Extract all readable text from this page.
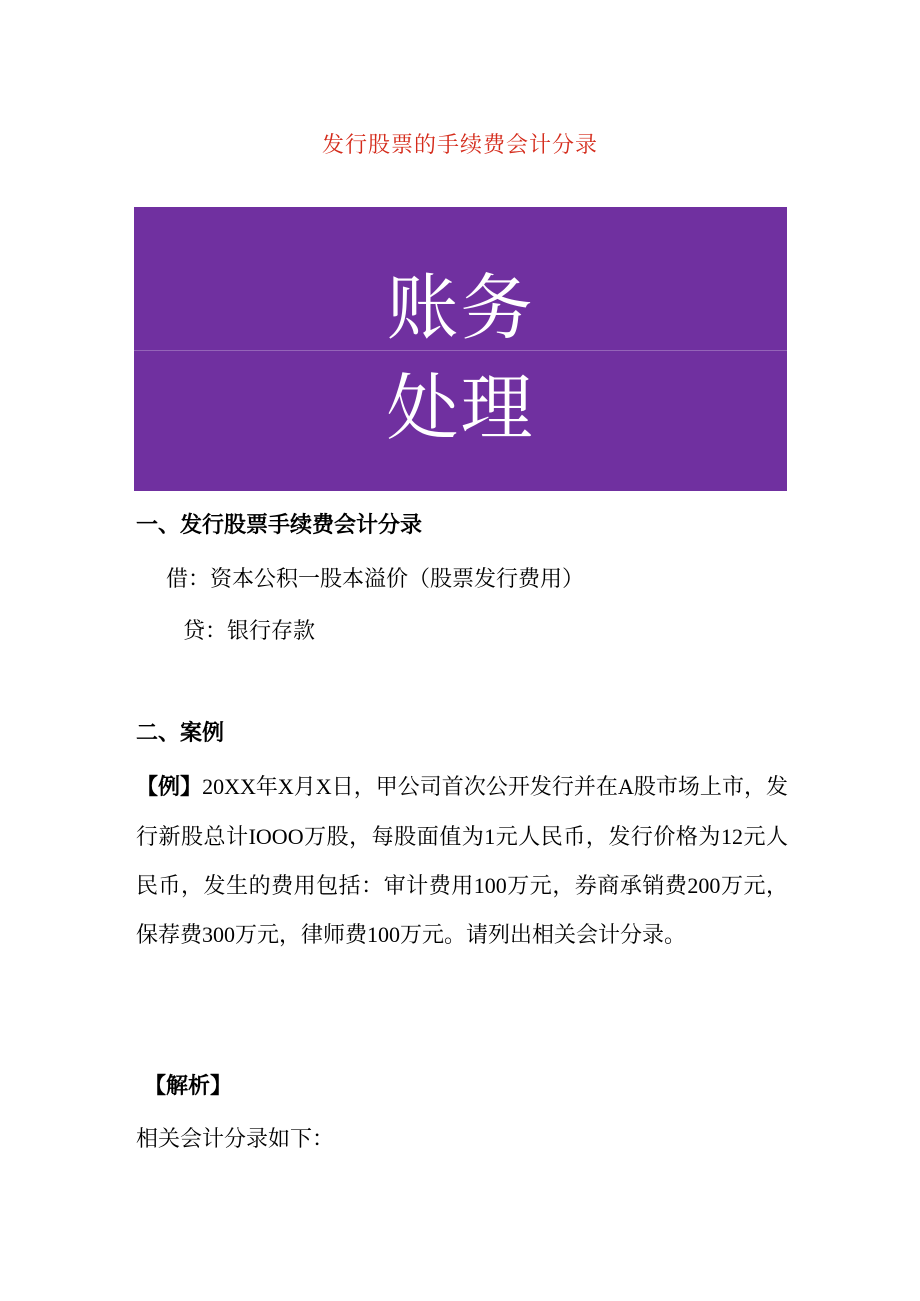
发行股票的手续费会计分录
账务
处理
一、发行股票手续费会计分录
借：资本公积一股本溢价（股票发行费用）
贷：银行存款
二、案例
【例】20XX年X月X日，甲公司首次公开发行并在A股市场上市，发行新股总计IOOO万股，每股面值为1元人民币，发行价格为12元人民币，发生的费用包括：审计费用100万元，券商承销费200万元，保荐费300万元，律师费100万元。请列出相关会计分录。
【解析】
相关会计分录如下：
